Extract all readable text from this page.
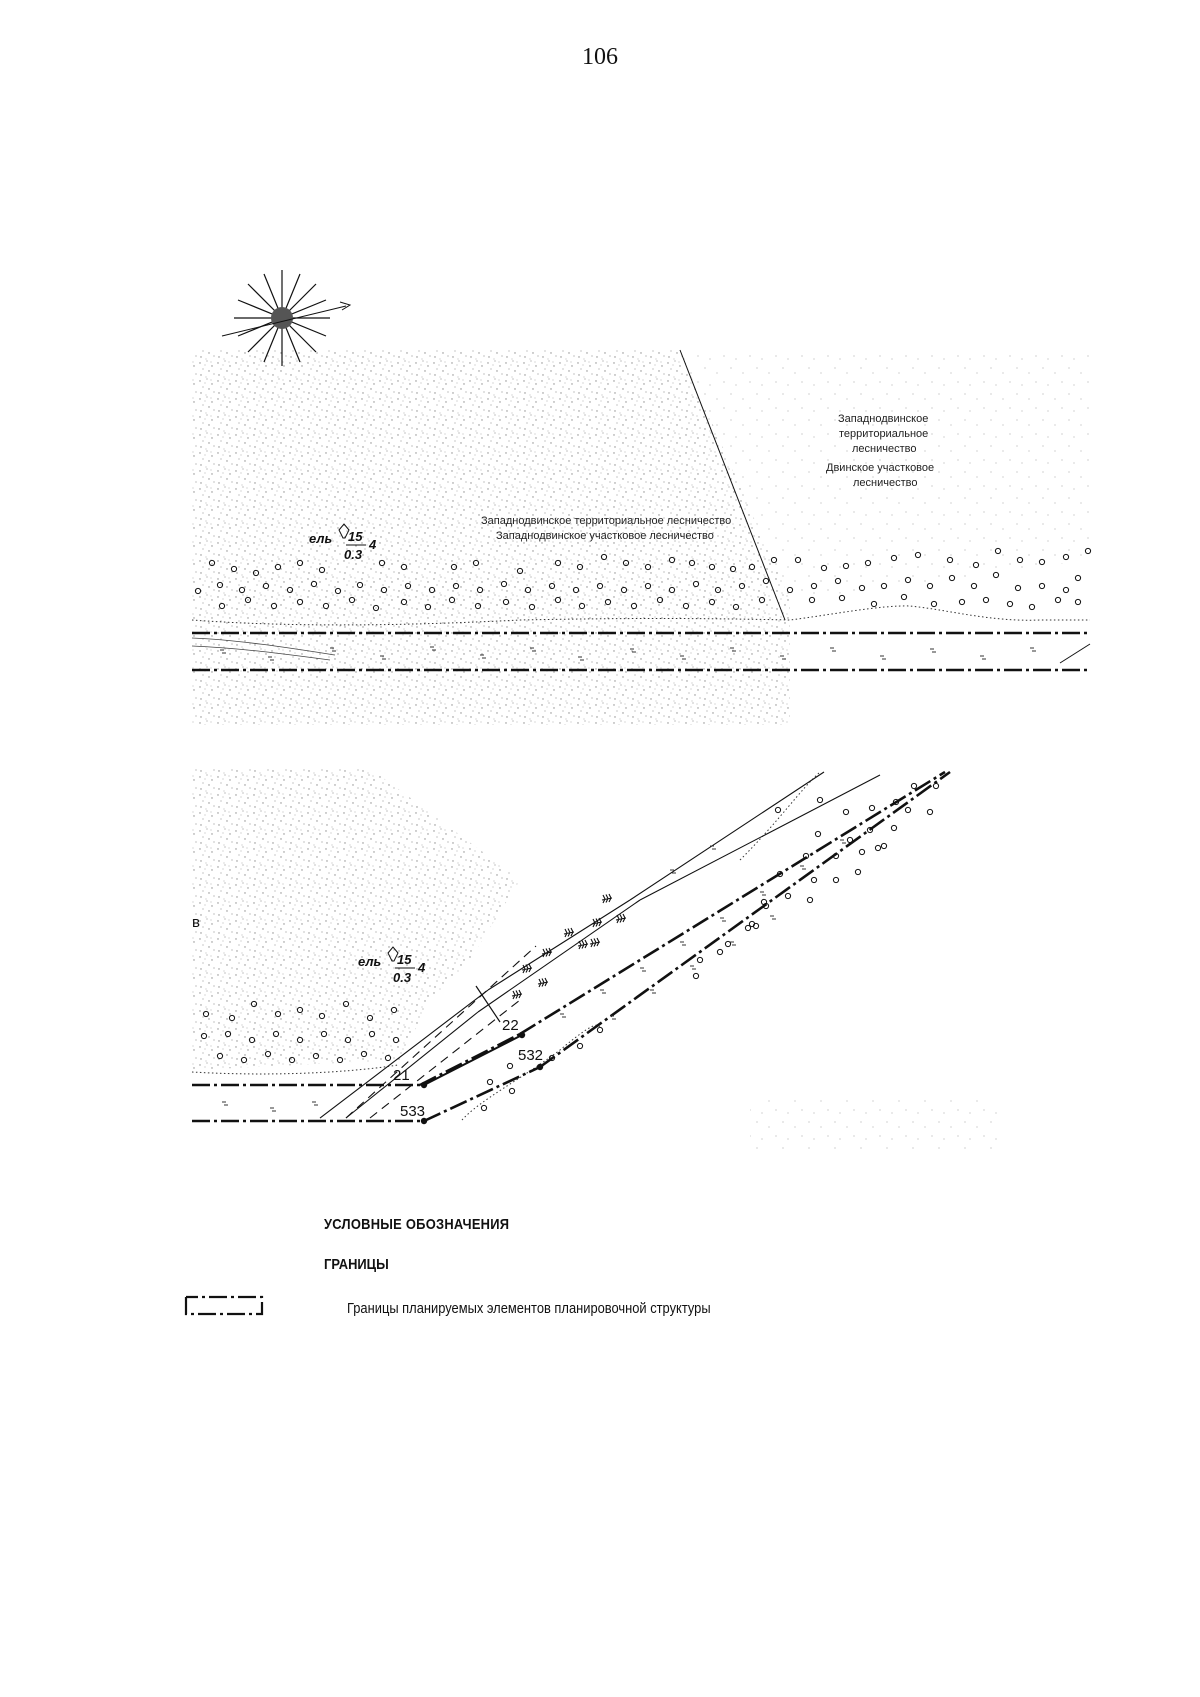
106
Западнодвинское территориальное лесничество
Западнодвинское участковое лесничество
Западнодвинское
территориальное
лесничество
Двинское участковое
лесничество
ель 15
0.3
4
в
ель 15
0.3
4
21
22
532
533
УСЛОВНЫЕ ОБОЗНАЧЕНИЯ
ГРАНИЦЫ
Границы планируемых элементов планировочной структуры
